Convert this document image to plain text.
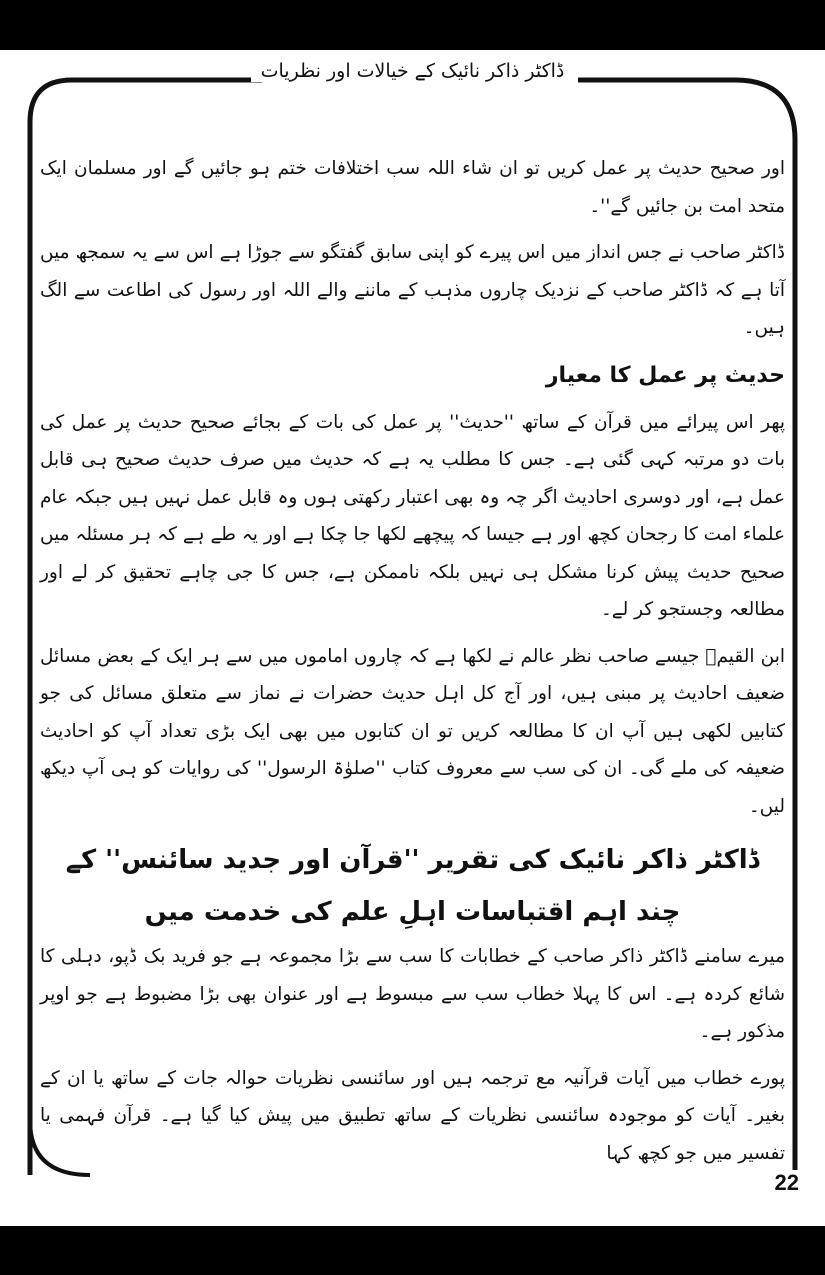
ڈاکٹر ذاکر نائیک کے خیالات اور نظریات

اور صحیح حدیث پر عمل کریں تو ان شاء اللہ سب اختلافات ختم ہو جائیں گے اور مسلمان ایک متحد امت بن جائیں گے''۔

ڈاکٹر صاحب نے جس انداز میں اس پیرے کو اپنی سابق گفتگو سے جوڑا ہے اس سے یہ سمجھ میں آتا ہے کہ ڈاکٹر صاحب کے نزدیک چاروں مذہب کے ماننے والے اللہ اور رسول کی اطاعت سے الگ ہیں۔

حدیث پر عمل کا معیار

پھر اس پیرائے میں قرآن کے ساتھ ''حدیث'' پر عمل کی بات کے بجائے صحیح حدیث پر عمل کی بات دو مرتبہ کہی گئی ہے۔ جس کا مطلب یہ ہے کہ حدیث میں صرف حدیث صحیح ہی قابل عمل ہے، اور دوسری احادیث اگر چہ وہ بھی اعتبار رکھتی ہوں وہ قابل عمل نہیں ہیں جبکہ عام علماء امت کا رجحان کچھ اور ہے جیسا کہ پیچھے لکھا جا چکا ہے اور یہ طے ہے کہ ہر مسئلہ میں صحیح حدیث پیش کرنا مشکل ہی نہیں بلکہ ناممکن ہے، جس کا جی چاہے تحقیق کر لے اور مطالعہ وجستجو کر لے۔

ابن القیمؒ جیسے صاحب نظر عالم نے لکھا ہے کہ چاروں اماموں میں سے ہر ایک کے بعض مسائل ضعیف احادیث پر مبنی ہیں، اور آج کل اہل حدیث حضرات نے نماز سے متعلق مسائل کی جو کتابیں لکھی ہیں آپ ان کا مطالعہ کریں تو ان کتابوں میں بھی ایک بڑی تعداد آپ کو احادیث ضعیفہ کی ملے گی۔ ان کی سب سے معروف کتاب ''صلوٰۃ الرسول'' کی روایات کو ہی آپ دیکھ لیں۔

ڈاکٹر ذاکر نائیک کی تقریر ''قرآن اور جدید سائنس'' کے
چند اہم اقتباسات اہلِ علم کی خدمت میں

میرے سامنے ڈاکٹر ذاکر صاحب کے خطابات کا سب سے بڑا مجموعہ ہے جو فرید بک ڈپو، دہلی کا شائع کردہ ہے۔ اس کا پہلا خطاب سب سے مبسوط ہے اور عنوان بھی بڑا مضبوط ہے جو اوپر مذکور ہے۔

پورے خطاب میں آیات قرآنیہ مع ترجمہ ہیں اور سائنسی نظریات حوالہ جات کے ساتھ یا ان کے بغیر۔ آیات کو موجودہ سائنسی نظریات کے ساتھ تطبیق میں پیش کیا گیا ہے۔ قرآن فہمی یا تفسیر میں جو کچھ کہا

22
